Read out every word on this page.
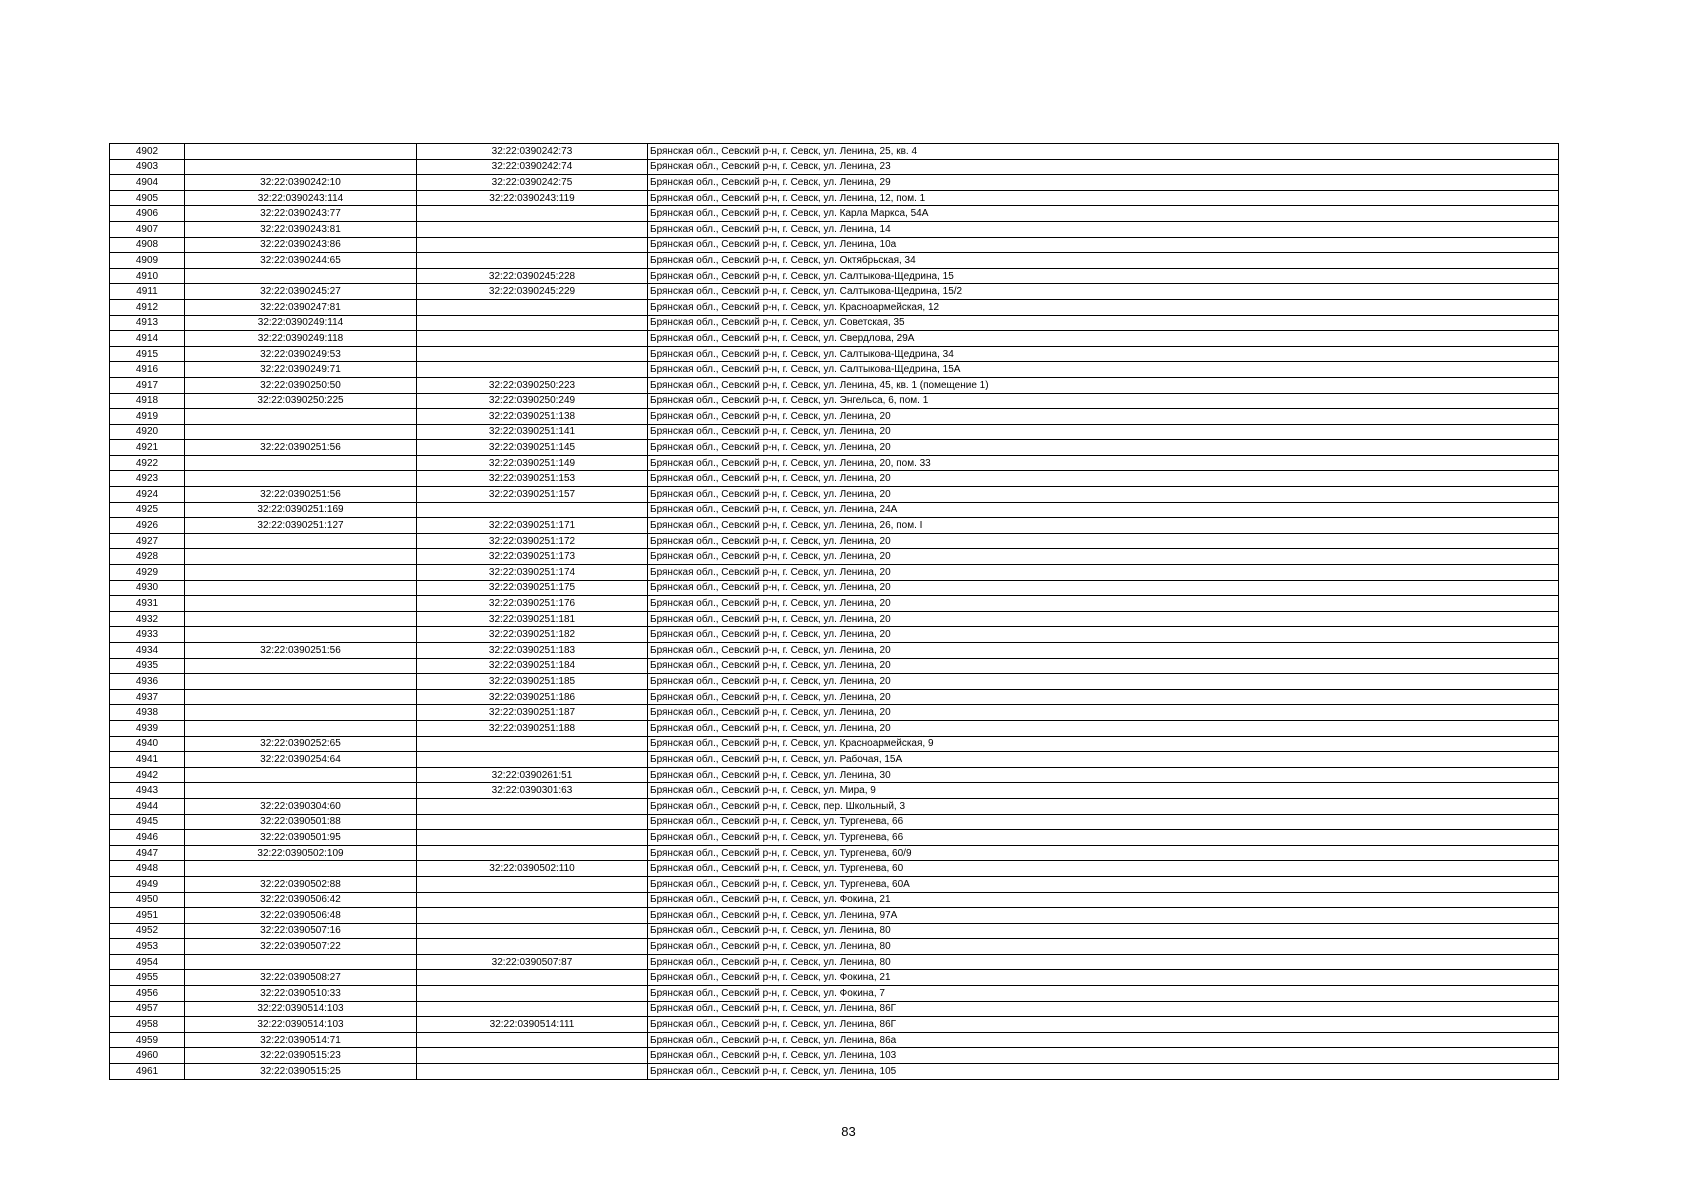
4902		32:22:0390242:73	Брянская обл., Севский р-н, г. Севск, ул. Ленина, 25, кв. 4
4903		32:22:0390242:74	Брянская обл., Севский р-н, г. Севск, ул. Ленина, 23
4904	32:22:0390242:10	32:22:0390242:75	Брянская обл., Севский р-н, г. Севск, ул. Ленина, 29
4905	32:22:0390243:114	32:22:0390243:119	Брянская обл., Севский р-н, г. Севск, ул. Ленина, 12, пом. 1
4906	32:22:0390243:77		Брянская обл., Севский р-н, г. Севск, ул. Карла Маркса, 54А
4907	32:22:0390243:81		Брянская обл., Севский р-н, г. Севск, ул. Ленина, 14
4908	32:22:0390243:86		Брянская обл., Севский р-н, г. Севск, ул. Ленина, 10а
4909	32:22:0390244:65		Брянская обл., Севский р-н, г. Севск, ул. Октябрьская, 34
4910		32:22:0390245:228	Брянская обл., Севский р-н, г. Севск, ул. Салтыкова-Щедрина, 15
4911	32:22:0390245:27	32:22:0390245:229	Брянская обл., Севский р-н, г. Севск, ул. Салтыкова-Щедрина, 15/2
4912	32:22:0390247:81		Брянская обл., Севский р-н, г. Севск, ул. Красноармейская, 12
4913	32:22:0390249:114		Брянская обл., Севский р-н, г. Севск, ул. Советская, 35
4914	32:22:0390249:118		Брянская обл., Севский р-н, г. Севск, ул. Свердлова, 29А
4915	32:22:0390249:53		Брянская обл., Севский р-н, г. Севск, ул. Салтыкова-Щедрина, 34
4916	32:22:0390249:71		Брянская обл., Севский р-н, г. Севск, ул. Салтыкова-Щедрина, 15А
4917	32:22:0390250:50	32:22:0390250:223	Брянская обл., Севский р-н, г. Севск, ул. Ленина, 45, кв. 1 (помещение 1)
4918	32:22:0390250:225	32:22:0390250:249	Брянская обл., Севский р-н, г. Севск, ул. Энгельса, 6, пом. 1
4919		32:22:0390251:138	Брянская обл., Севский р-н, г. Севск, ул. Ленина, 20
4920		32:22:0390251:141	Брянская обл., Севский р-н, г. Севск, ул. Ленина, 20
4921	32:22:0390251:56	32:22:0390251:145	Брянская обл., Севский р-н, г. Севск, ул. Ленина, 20
4922		32:22:0390251:149	Брянская обл., Севский р-н, г. Севск, ул. Ленина, 20, пом. 33
4923		32:22:0390251:153	Брянская обл., Севский р-н, г. Севск, ул. Ленина, 20
4924	32:22:0390251:56	32:22:0390251:157	Брянская обл., Севский р-н, г. Севск, ул. Ленина, 20
4925	32:22:0390251:169		Брянская обл., Севский р-н, г. Севск, ул. Ленина, 24А
4926	32:22:0390251:127	32:22:0390251:171	Брянская обл., Севский р-н, г. Севск, ул. Ленина, 26, пом. I
4927		32:22:0390251:172	Брянская обл., Севский р-н, г. Севск, ул. Ленина, 20
4928		32:22:0390251:173	Брянская обл., Севский р-н, г. Севск, ул. Ленина, 20
4929		32:22:0390251:174	Брянская обл., Севский р-н, г. Севск, ул. Ленина, 20
4930		32:22:0390251:175	Брянская обл., Севский р-н, г. Севск, ул. Ленина, 20
4931		32:22:0390251:176	Брянская обл., Севский р-н, г. Севск, ул. Ленина, 20
4932		32:22:0390251:181	Брянская обл., Севский р-н, г. Севск, ул. Ленина, 20
4933		32:22:0390251:182	Брянская обл., Севский р-н, г. Севск, ул. Ленина, 20
4934	32:22:0390251:56	32:22:0390251:183	Брянская обл., Севский р-н, г. Севск, ул. Ленина, 20
4935		32:22:0390251:184	Брянская обл., Севский р-н, г. Севск, ул. Ленина, 20
4936		32:22:0390251:185	Брянская обл., Севский р-н, г. Севск, ул. Ленина, 20
4937		32:22:0390251:186	Брянская обл., Севский р-н, г. Севск, ул. Ленина, 20
4938		32:22:0390251:187	Брянская обл., Севский р-н, г. Севск, ул. Ленина, 20
4939		32:22:0390251:188	Брянская обл., Севский р-н, г. Севск, ул. Ленина, 20
4940	32:22:0390252:65		Брянская обл., Севский р-н, г. Севск, ул. Красноармейская, 9
4941	32:22:0390254:64		Брянская обл., Севский р-н, г. Севск, ул. Рабочая, 15А
4942		32:22:0390261:51	Брянская обл., Севский р-н, г. Севск, ул. Ленина, 30
4943		32:22:0390301:63	Брянская обл., Севский р-н, г. Севск, ул. Мира, 9
4944	32:22:0390304:60		Брянская обл., Севский р-н, г. Севск, пер. Школьный, 3
4945	32:22:0390501:88		Брянская обл., Севский р-н, г. Севск, ул. Тургенева, 66
4946	32:22:0390501:95		Брянская обл., Севский р-н, г. Севск, ул. Тургенева, 66
4947	32:22:0390502:109		Брянская обл., Севский р-н, г. Севск, ул. Тургенева, 60/9
4948		32:22:0390502:110	Брянская обл., Севский р-н, г. Севск, ул. Тургенева, 60
4949	32:22:0390502:88		Брянская обл., Севский р-н, г. Севск, ул. Тургенева, 60А
4950	32:22:0390506:42		Брянская обл., Севский р-н, г. Севск, ул. Фокина, 21
4951	32:22:0390506:48		Брянская обл., Севский р-н, г. Севск, ул. Ленина, 97А
4952	32:22:0390507:16		Брянская обл., Севский р-н, г. Севск, ул. Ленина, 80
4953	32:22:0390507:22		Брянская обл., Севский р-н, г. Севск, ул. Ленина, 80
4954		32:22:0390507:87	Брянская обл., Севский р-н, г. Севск, ул. Ленина, 80
4955	32:22:0390508:27		Брянская обл., Севский р-н, г. Севск, ул. Фокина, 21
4956	32:22:0390510:33		Брянская обл., Севский р-н, г. Севск, ул. Фокина, 7
4957	32:22:0390514:103		Брянская обл., Севский р-н, г. Севск, ул. Ленина, 86Г
4958	32:22:0390514:103	32:22:0390514:111	Брянская обл., Севский р-н, г. Севск, ул. Ленина, 86Г
4959	32:22:0390514:71		Брянская обл., Севский р-н, г. Севск, ул. Ленина, 86а
4960	32:22:0390515:23		Брянская обл., Севский р-н, г. Севск, ул. Ленина, 103
4961	32:22:0390515:25		Брянская обл., Севский р-н, г. Севск, ул. Ленина, 105
83
